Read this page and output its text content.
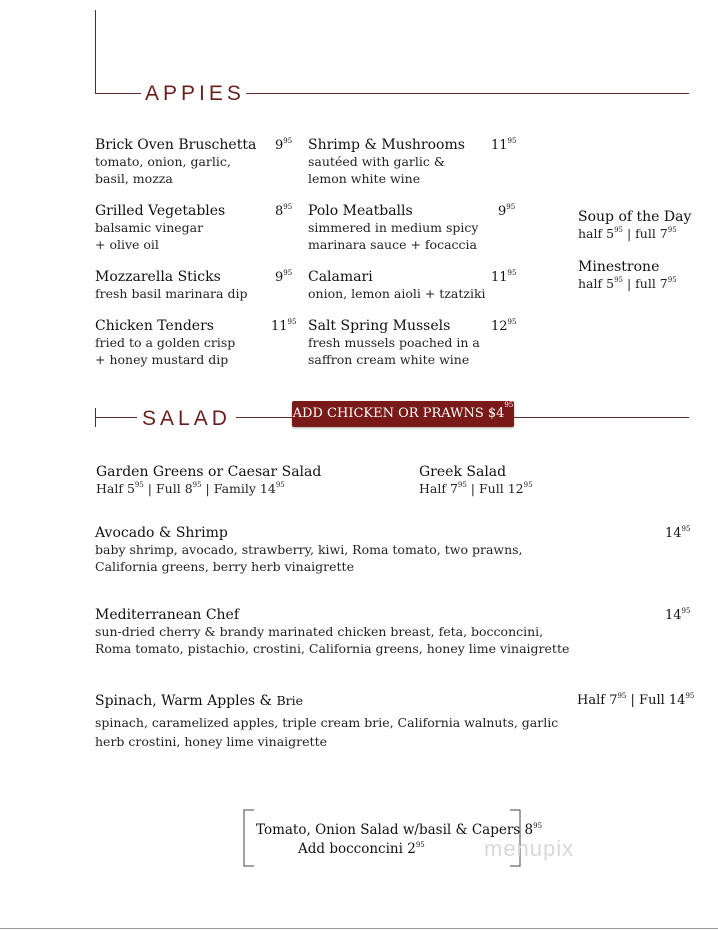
APPIES
Brick Oven Bruschetta
tomato, onion, garlic,
basil, mozza
$9^{95}$
Grilled Vegetables
balsamic vinegar
+ olive oil
$8^{95}$
Mozzarella Sticks
fresh basil marinara dip
$9^{95}$
Chicken Tenders
fried to a golden crisp
+ honey mustard dip
$11^{95}$
Shrimp & Mushrooms
sautéed with garlic &
lemon white wine
$11^{95}$
Polo Meatballs
simmered in medium spicy
marinara sauce + focaccia
$9^{95}$
Calamari
onion, lemon aioli + tzatziki
$11^{95}$
Salt Spring Mussels
fresh mussels poached in a
saffron cream white wine
$12^{95}$
Soup of the Day
half $5^{95}$ | full $7^{95}$
Minestrone
half $5^{95}$ | full $7^{95}$
SALAD	ADD CHICKEN OR PRAWNS $\$4^{95}$
Garden Greens or Caesar Salad
Half $5^{95}$ | Full $8^{95}$ | Family $14^{95}$
Greek Salad
Half $7^{95}$ | Full $12^{95}$
Avocado & Shrimp
baby shrimp, avocado, strawberry, kiwi, Roma tomato, two prawns,
California greens, berry herb vinaigrette
$14^{95}$
Mediterranean Chef
sun-dried cherry & brandy marinated chicken breast, feta, bocconcini,
Roma tomato, pistachio, crostini, California greens, honey lime vinaigrette
$14^{95}$
Spinach, Warm Apples & Brie
spinach, caramelized apples, triple cream brie, California walnuts, garlic
herb crostini, honey lime vinaigrette
Half $7^{95}$ | Full $14^{95}$
Tomato, Onion Salad w/basil & Capers $8^{95}$
Add bocconcini $2^{95}$	menupix
